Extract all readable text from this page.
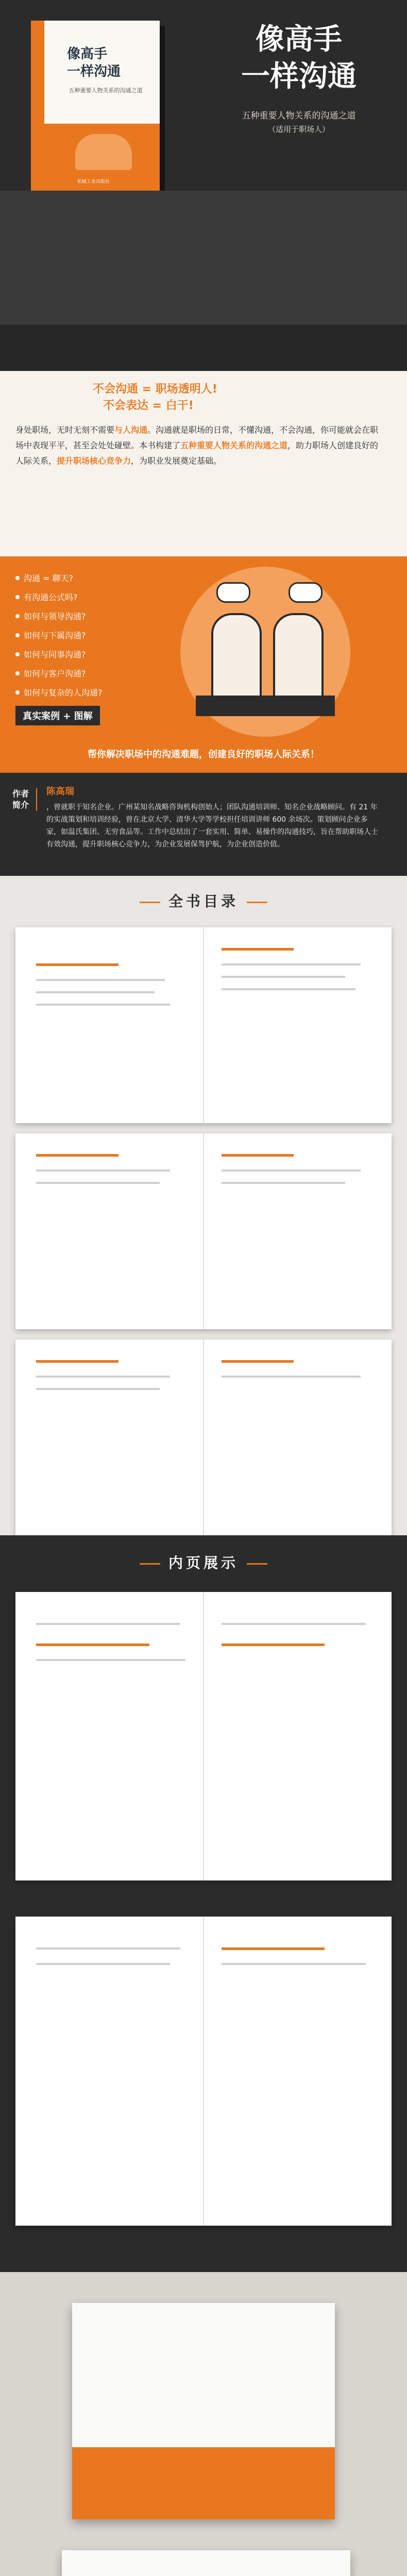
像高手
一样沟通
五种重要人物关系的沟通之道
机械工业出版社
像高手
一样沟通
五种重要人物关系的沟通之道
（适用于职场人）
不会沟通 = 职场透明人!
不会表达 = 白干!
身处职场，无时无刻不需要与人沟通。沟通就是职场的日常，不懂沟通，不会沟通，你可能就会在职场中表现平平，甚至会处处碰壁。本书构建了五种重要人物关系的沟通之道，助力职场人创建良好的人际关系，提升职场核心竞争力，为职业发展奠定基础。
沟通 = 聊天?
有沟通公式吗?
如何与领导沟通?
如何与下属沟通?
如何与同事沟通?
如何与客户沟通?
如何与复杂的人沟通?
真实案例 + 图解
帮你解决职场中的沟通难题，创建良好的职场人际关系！
作者简介
陈高瑞
，曾就职于知名企业。广州某知名战略咨询机构创始人；团队沟通培训师、知名企业战略顾问。有 21 年的实战策划和培训经验，曾在北京大学、清华大学等学校担任培训讲师 600 余场次。策划顾问企业多家，如温氏集团、无穷食品等。工作中总结出了一套实用、简单、易操作的沟通技巧，旨在帮助职场人士有效沟通，提升职场核心竞争力，为企业发展保驾护航，为企业创造价值。
全书目录
内页展示
